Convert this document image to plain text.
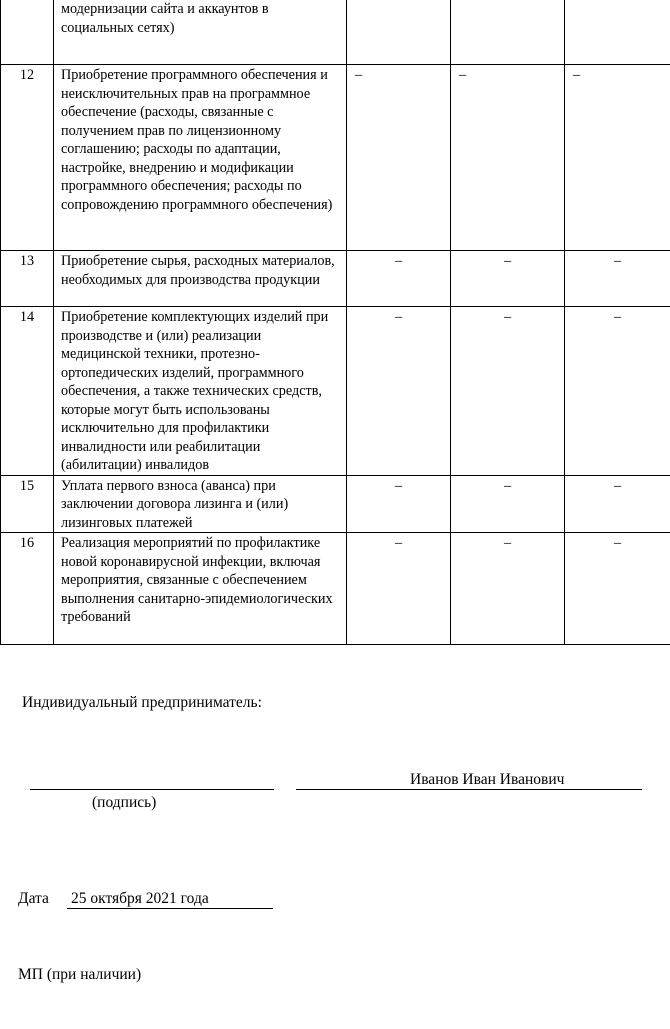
	модернизации сайта и аккаунтов в социальных сетях)			
12	Приобретение программного обеспечения и неисключительных прав на программное обеспечение (расходы, связанные с получением прав по лицензионному соглашению; расходы по адаптации, настройке, внедрению и модификации программного обеспечения; расходы по сопровождению программного обеспечения)	–	–	–
13	Приобретение сырья, расходных материалов, необходимых для производства продукции	–	–	–
14	Приобретение комплектующих изделий при производстве и (или) реализации медицинской техники, протезно-ортопедических изделий, программного обеспечения, а также технических средств, которые могут быть использованы исключительно для профилактики инвалидности или реабилитации (абилитации) инвалидов	–	–	–
15	Уплата первого взноса (аванса) при заключении договора лизинга и (или) лизинговых платежей	–	–	–
16	Реализация мероприятий по профилактике новой коронавирусной инфекции, включая мероприятия, связанные с обеспечением выполнения санитарно-эпидемиологических требований	–	–	–
Индивидуальный предприниматель:
(подпись)
Иванов Иван Иванович
Дата 25 октября 2021 года
МП (при наличии)
